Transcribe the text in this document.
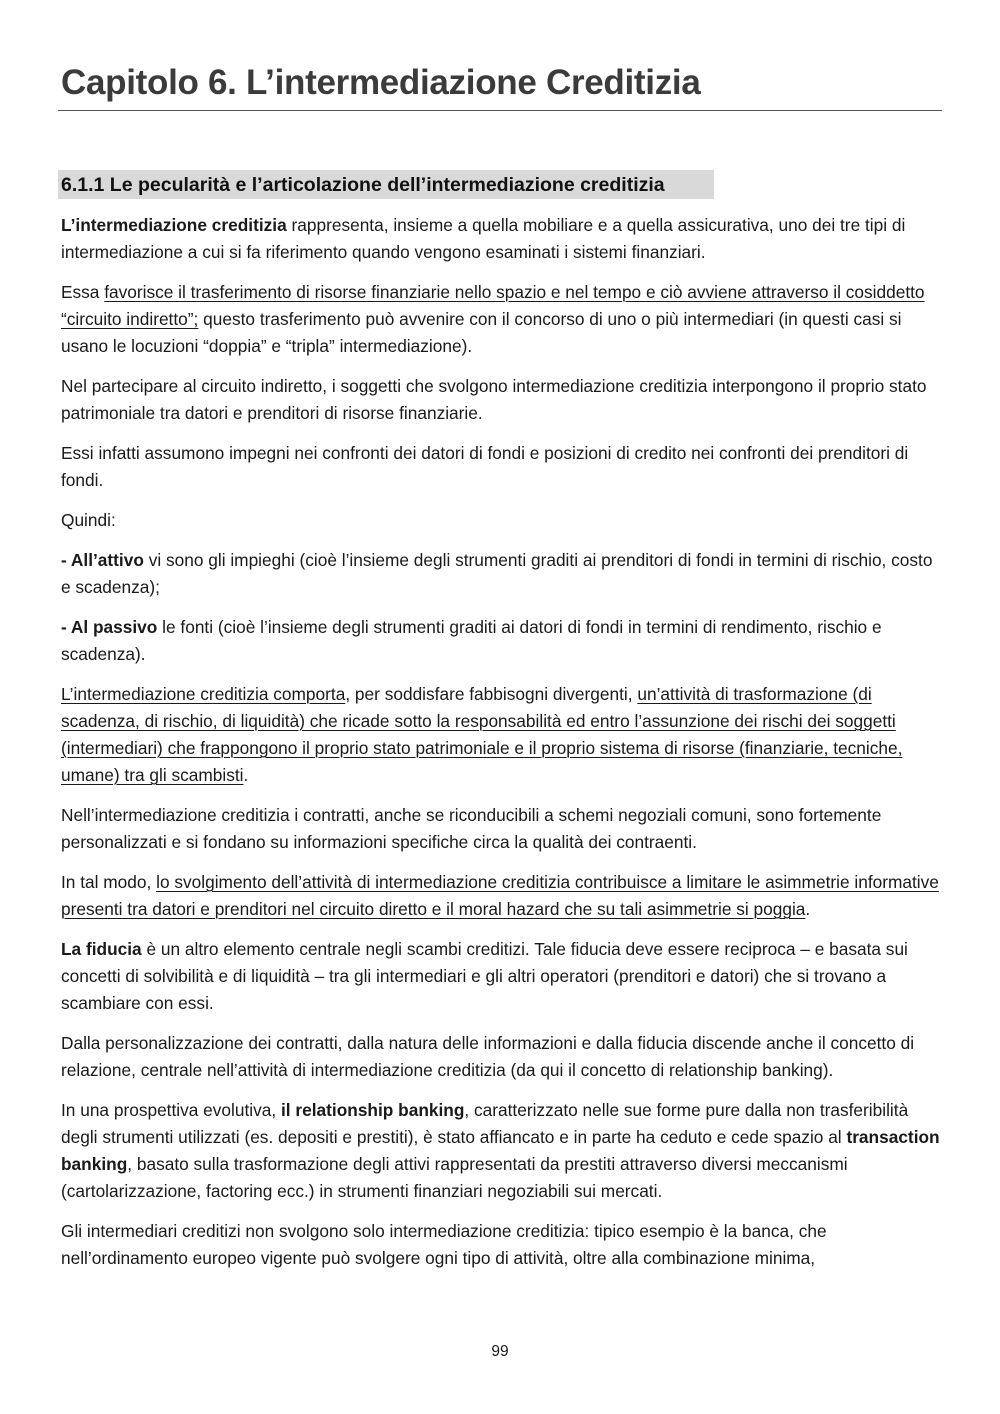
Capitolo 6. L’intermediazione Creditizia
6.1.1 Le pecularità e l’articolazione dell’intermediazione creditizia

L’intermediazione creditizia rappresenta, insieme a quella mobiliare e a quella assicurativa, uno dei tre tipi di intermediazione a cui si fa riferimento quando vengono esaminati i sistemi finanziari.

Essa favorisce il trasferimento di risorse finanziarie nello spazio e nel tempo e ciò avviene attraverso il cosiddetto “circuito indiretto”; questo trasferimento può avvenire con il concorso di uno o più intermediari (in questi casi si usano le locuzioni “doppia” e “tripla” intermediazione).

Nel partecipare al circuito indiretto, i soggetti che svolgono intermediazione creditizia interpongono il proprio stato patrimoniale tra datori e prenditori di risorse finanziarie.

Essi infatti assumono impegni nei confronti dei datori di fondi e posizioni di credito nei confronti dei prenditori di fondi.

Quindi:

- All’attivo vi sono gli impieghi (cioè l’insieme degli strumenti graditi ai prenditori di fondi in termini di rischio, costo e scadenza);

- Al passivo le fonti (cioè l’insieme degli strumenti graditi ai datori di fondi in termini di rendimento, rischio e scadenza).

L’intermediazione creditizia comporta, per soddisfare fabbisogni divergenti, un’attività di trasformazione (di scadenza, di rischio, di liquidità) che ricade sotto la responsabilità ed entro l’assunzione dei rischi dei soggetti (intermediari) che frappongono il proprio stato patrimoniale e il proprio sistema di risorse (finanziarie, tecniche, umane) tra gli scambisti.

Nell’intermediazione creditizia i contratti, anche se riconducibili a schemi negoziali comuni, sono fortemente personalizzati e si fondano su informazioni specifiche circa la qualità dei contraenti.

In tal modo, lo svolgimento dell’attività di intermediazione creditizia contribuisce a limitare le asimmetrie informative presenti tra datori e prenditori nel circuito diretto e il moral hazard che su tali asimmetrie si poggia.

La fiducia è un altro elemento centrale negli scambi creditizi. Tale fiducia deve essere reciproca – e basata sui concetti di solvibilità e di liquidità – tra gli intermediari e gli altri operatori (prenditori e datori) che si trovano a scambiare con essi.

Dalla personalizzazione dei contratti, dalla natura delle informazioni e dalla fiducia discende anche il concetto di relazione, centrale nell’attività di intermediazione creditizia (da qui il concetto di relationship banking).

In una prospettiva evolutiva, il relationship banking, caratterizzato nelle sue forme pure dalla non trasferibilità degli strumenti utilizzati (es. depositi e prestiti), è stato affiancato e in parte ha ceduto e cede spazio al transaction banking, basato sulla trasformazione degli attivi rappresentati da prestiti attraverso diversi meccanismi (cartolarizzazione, factoring ecc.) in strumenti finanziari negoziabili sui mercati.

Gli intermediari creditizi non svolgono solo intermediazione creditizia: tipico esempio è la banca, che nell’ordinamento europeo vigente può svolgere ogni tipo di attività, oltre alla combinazione minima,

99
